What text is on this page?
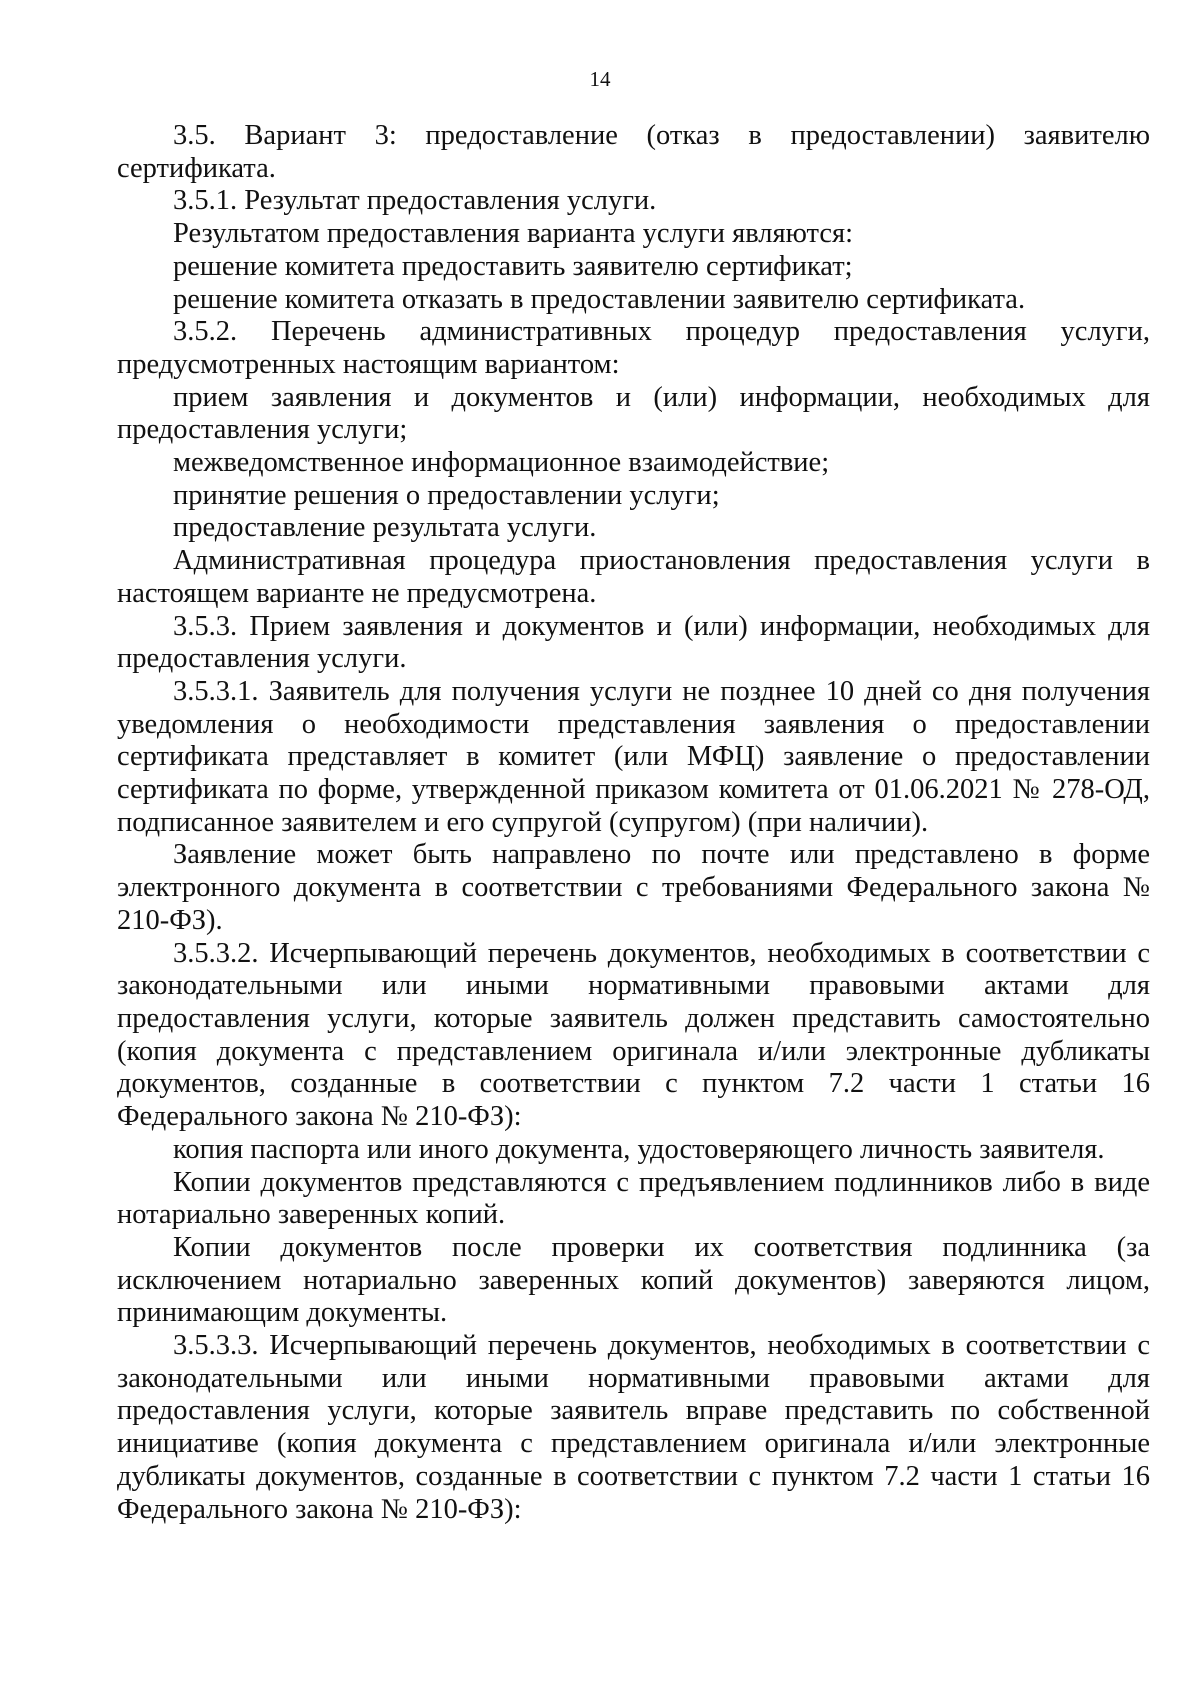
14

3.5. Вариант 3: предоставление (отказ в предоставлении) заявителю сертификата.

3.5.1. Результат предоставления услуги.

Результатом предоставления варианта услуги являются:

решение комитета предоставить заявителю сертификат;

решение комитета отказать в предоставлении заявителю сертификата.

3.5.2. Перечень административных процедур предоставления услуги, предусмотренных настоящим вариантом:

прием заявления и документов и (или) информации, необходимых для предоставления услуги;

межведомственное информационное взаимодействие;

принятие решения о предоставлении услуги;

предоставление результата услуги.

Административная процедура приостановления предоставления услуги в настоящем варианте не предусмотрена.

3.5.3. Прием заявления и документов и (или) информации, необходимых для предоставления услуги.

3.5.3.1. Заявитель для получения услуги не позднее 10 дней со дня получения уведомления о необходимости представления заявления о предоставлении сертификата представляет в комитет (или МФЦ) заявление о предоставлении сертификата по форме, утвержденной приказом комитета от 01.06.2021 № 278-ОД, подписанное заявителем и его супругой (супругом) (при наличии).

Заявление может быть направлено по почте или представлено в форме электронного документа в соответствии с требованиями Федерального закона № 210-ФЗ).

3.5.3.2. Исчерпывающий перечень документов, необходимых в соответствии с законодательными или иными нормативными правовыми актами для предоставления услуги, которые заявитель должен представить самостоятельно (копия документа с представлением оригинала и/или электронные дубликаты документов, созданные в соответствии с пунктом 7.2 части 1 статьи 16 Федерального закона № 210-ФЗ):

копия паспорта или иного документа, удостоверяющего личность заявителя.

Копии документов представляются с предъявлением подлинников либо в виде нотариально заверенных копий.

Копии документов после проверки их соответствия подлинника (за исключением нотариально заверенных копий документов) заверяются лицом, принимающим документы.

3.5.3.3. Исчерпывающий перечень документов, необходимых в соответствии с законодательными или иными нормативными правовыми актами для предоставления услуги, которые заявитель вправе представить по собственной инициативе (копия документа с представлением оригинала и/или электронные дубликаты документов, созданные в соответствии с пунктом 7.2 части 1 статьи 16 Федерального закона № 210-ФЗ):
